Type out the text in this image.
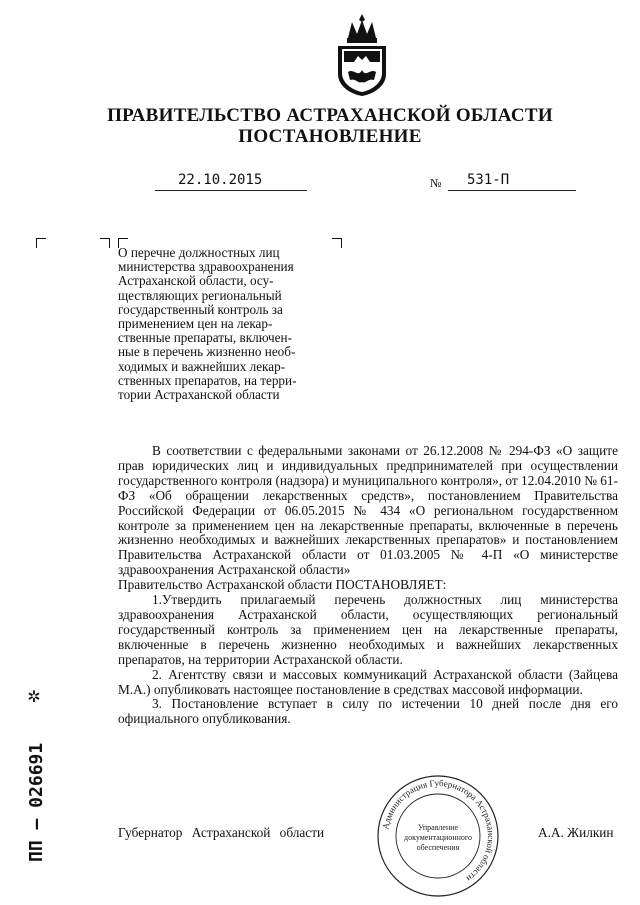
ПРАВИТЕЛЬСТВО АСТРАХАНСКОЙ ОБЛАСТИ
ПОСТАНОВЛЕНИЕ
22.10.2015	№ 531-П
О перечне должностных лиц
министерства здравоохранения
Астраханской области, осу-
ществляющих региональный
государственный контроль за
применением цен на лекар-
ственные препараты, включен-
ные в перечень жизненно необ-
ходимых и важнейших лекар-
ственных препаратов, на терри-
тории Астраханской области
В соответствии с федеральными законами от 26.12.2008 № 294-ФЗ «О защите прав юридических лиц и индивидуальных предпринимателей при осуществлении государственного контроля (надзора) и муниципального контроля», от 12.04.2010 № 61-ФЗ «Об обращении лекарственных средств», постановлением Правительства Российской Федерации от 06.05.2015 № 434 «О региональном государственном контроле за применением цен на лекарственные препараты, включенные в перечень жизненно необходимых и важнейших лекарственных препаратов» и постановлением Правительства Астраханской области от 01.03.2005 № 4-П «О министерстве здравоохранения Астраханской области»
Правительство Астраханской области ПОСТАНОВЛЯЕТ:
1.Утвердить прилагаемый перечень должностных лиц министерства здравоохранения Астраханской области, осуществляющих региональный государственный контроль за применением цен на лекарственные препараты, включенные в перечень жизненно необходимых и важнейших лекарственных препаратов, на территории Астраханской области.
2. Агентству связи и массовых коммуникаций Астраханской области (Зайцева М.А.) опубликовать настоящее постановление в средствах массовой информации.
3. Постановление вступает в силу по истечении 10 дней после дня его официального опубликования.
Губернатор Астраханской области	А.А. Жилкин
Администрация Губернатора Астраханской области
Управление
документационного
обеспечения
✲
ПП – 026691
